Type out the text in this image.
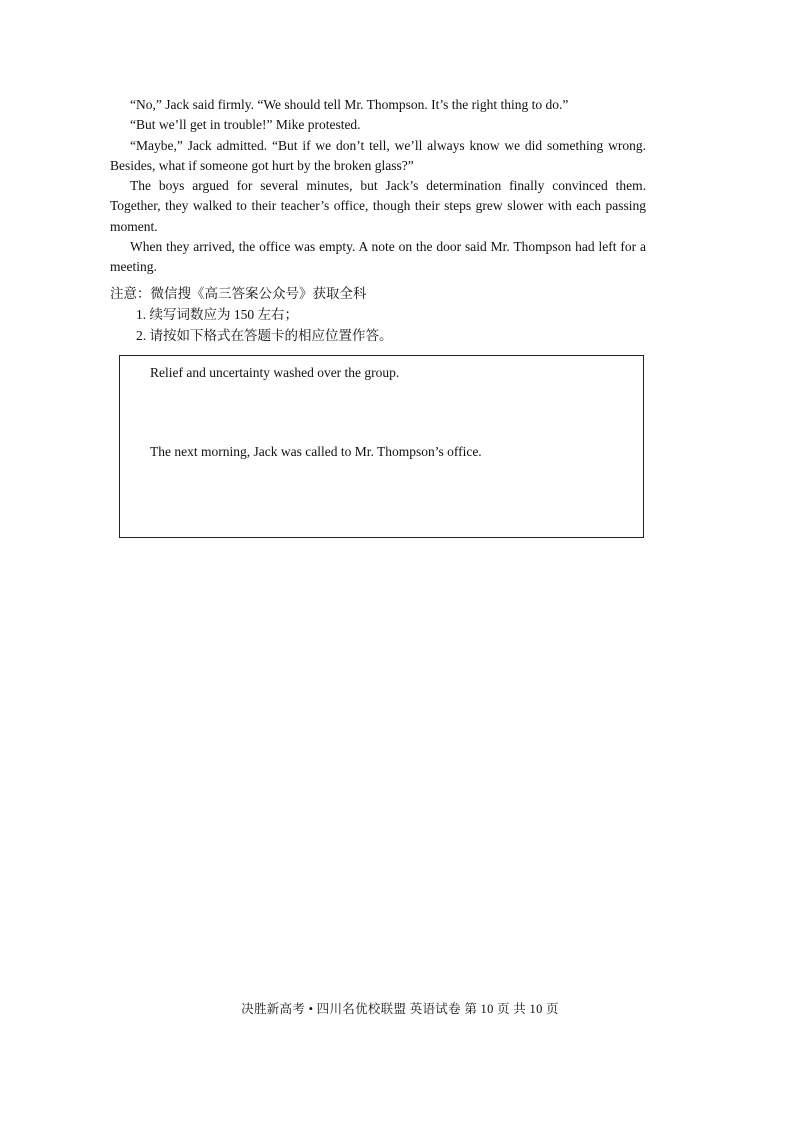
“No,” Jack said firmly. “We should tell Mr. Thompson. It’s the right thing to do.”

“But we’ll get in trouble!” Mike protested.

“Maybe,” Jack admitted. “But if we don’t tell, we’ll always know we did something wrong. Besides, what if someone got hurt by the broken glass?”

The boys argued for several minutes, but Jack’s determination finally convinced them. Together, they walked to their teacher’s office, though their steps grew slower with each passing moment.

When they arrived, the office was empty. A note on the door said Mr. Thompson had left for a meeting.

注意：微信搜《高三答案公众号》获取全科

1. 续写词数应为 150 左右；

2. 请按如下格式在答题卡的相应位置作答。

Relief and uncertainty washed over the group.

The next morning, Jack was called to Mr. Thompson’s office.

决胜新高考 • 四川名优校联盟 英语试卷 第 10 页 共 10 页
